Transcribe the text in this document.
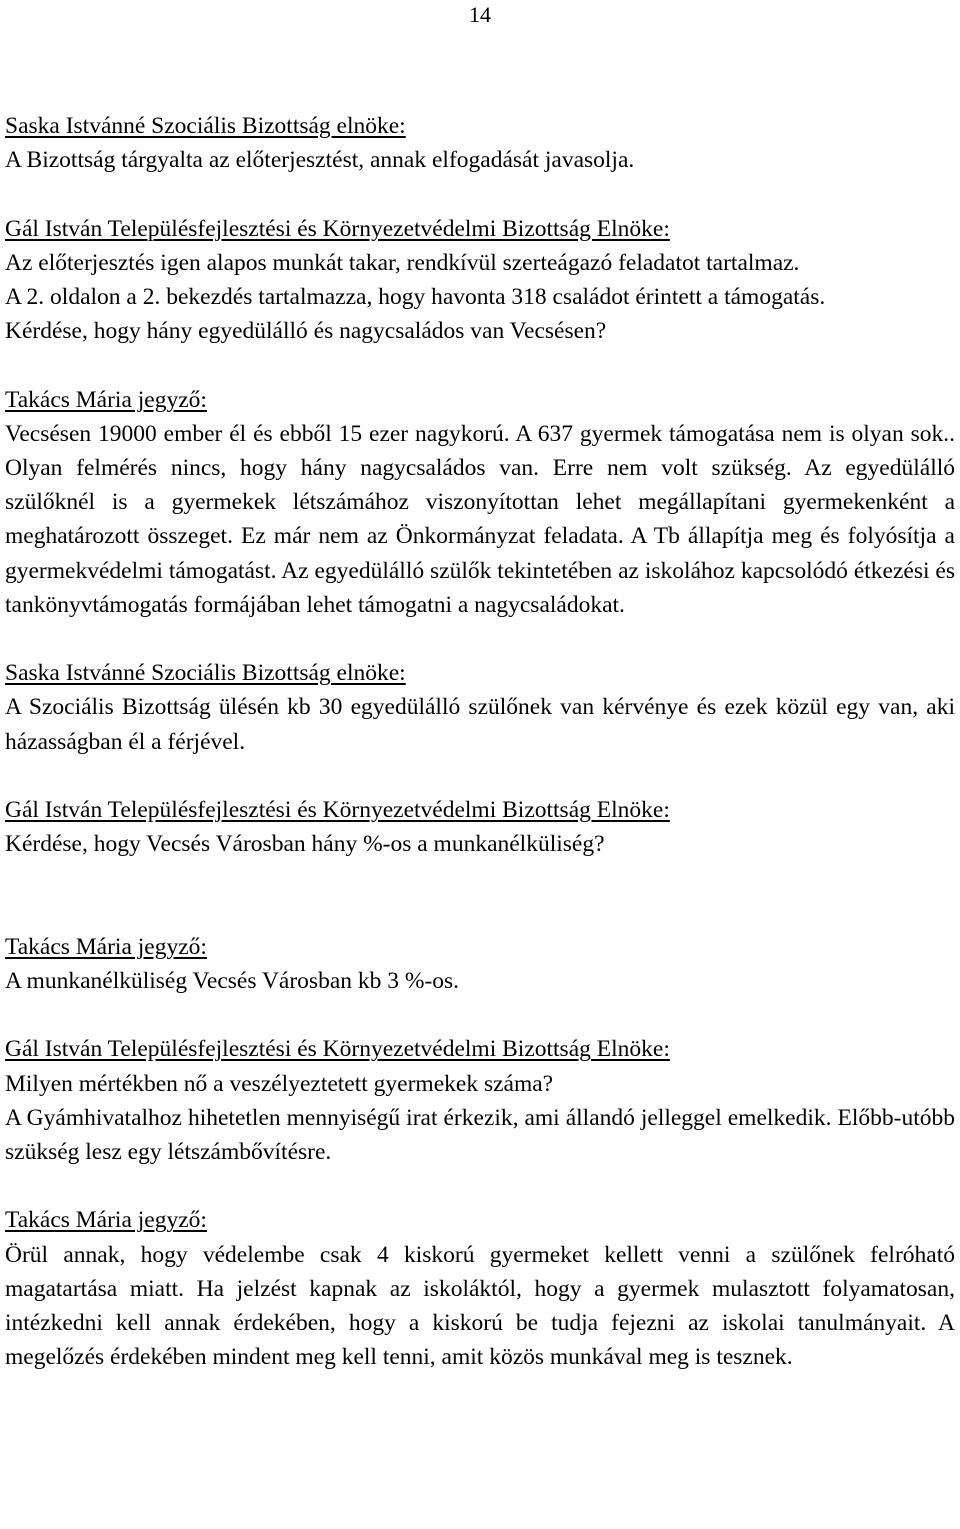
14
Saska Istvánné Szociális Bizottság elnöke:
A Bizottság tárgyalta az előterjesztést, annak elfogadását javasolja.
Gál István Településfejlesztési és Környezetvédelmi Bizottság Elnöke:
Az előterjesztés igen alapos munkát takar, rendkívül szerteágazó feladatot tartalmaz.
A 2. oldalon a 2. bekezdés tartalmazza, hogy havonta 318 családot érintett a támogatás.
Kérdése, hogy hány egyedülálló és nagycsaládos van Vecsésen?
Takács Mária jegyző:
Vecsésen 19000 ember él és ebből 15 ezer nagykorú. A 637 gyermek támogatása nem is olyan sok.. Olyan felmérés nincs, hogy hány nagycsaládos van. Erre nem volt szükség. Az egyedülálló szülőknél is a gyermekek létszámához viszonyítottan lehet megállapítani gyermekenként a meghatározott összeget. Ez már nem az Önkormányzat feladata. A Tb állapítja meg és folyósítja a gyermekvédelmi támogatást. Az egyedülálló szülők tekintetében az iskolához kapcsolódó étkezési és tankönyvtámogatás formájában lehet támogatni a nagycsaládokat.
Saska Istvánné Szociális Bizottság elnöke:
A Szociális Bizottság ülésén kb 30 egyedülálló szülőnek van kérvénye és ezek közül egy van, aki házasságban él a férjével.
Gál István Településfejlesztési és Környezetvédelmi Bizottság Elnöke:
Kérdése, hogy Vecsés Városban hány %-os a munkanélküliség?
Takács Mária jegyző:
A munkanélküliség Vecsés Városban kb 3 %-os.
Gál István Településfejlesztési és Környezetvédelmi Bizottság Elnöke:
Milyen mértékben nő a veszélyeztetett gyermekek száma?
A Gyámhivatalhoz hihetetlen mennyiségű irat érkezik, ami állandó jelleggel emelkedik. Előbb-utóbb szükség lesz egy létszámbővítésre.
Takács Mária jegyző:
Örül annak, hogy védelembe csak 4 kiskorú gyermeket kellett venni a szülőnek felróható magatartása miatt. Ha jelzést kapnak az iskoláktól, hogy a gyermek mulasztott folyamatosan, intézkedni kell annak érdekében, hogy a kiskorú be tudja fejezni az iskolai tanulmányait. A megelőzés érdekében mindent meg kell tenni, amit közös munkával meg is tesznek.
